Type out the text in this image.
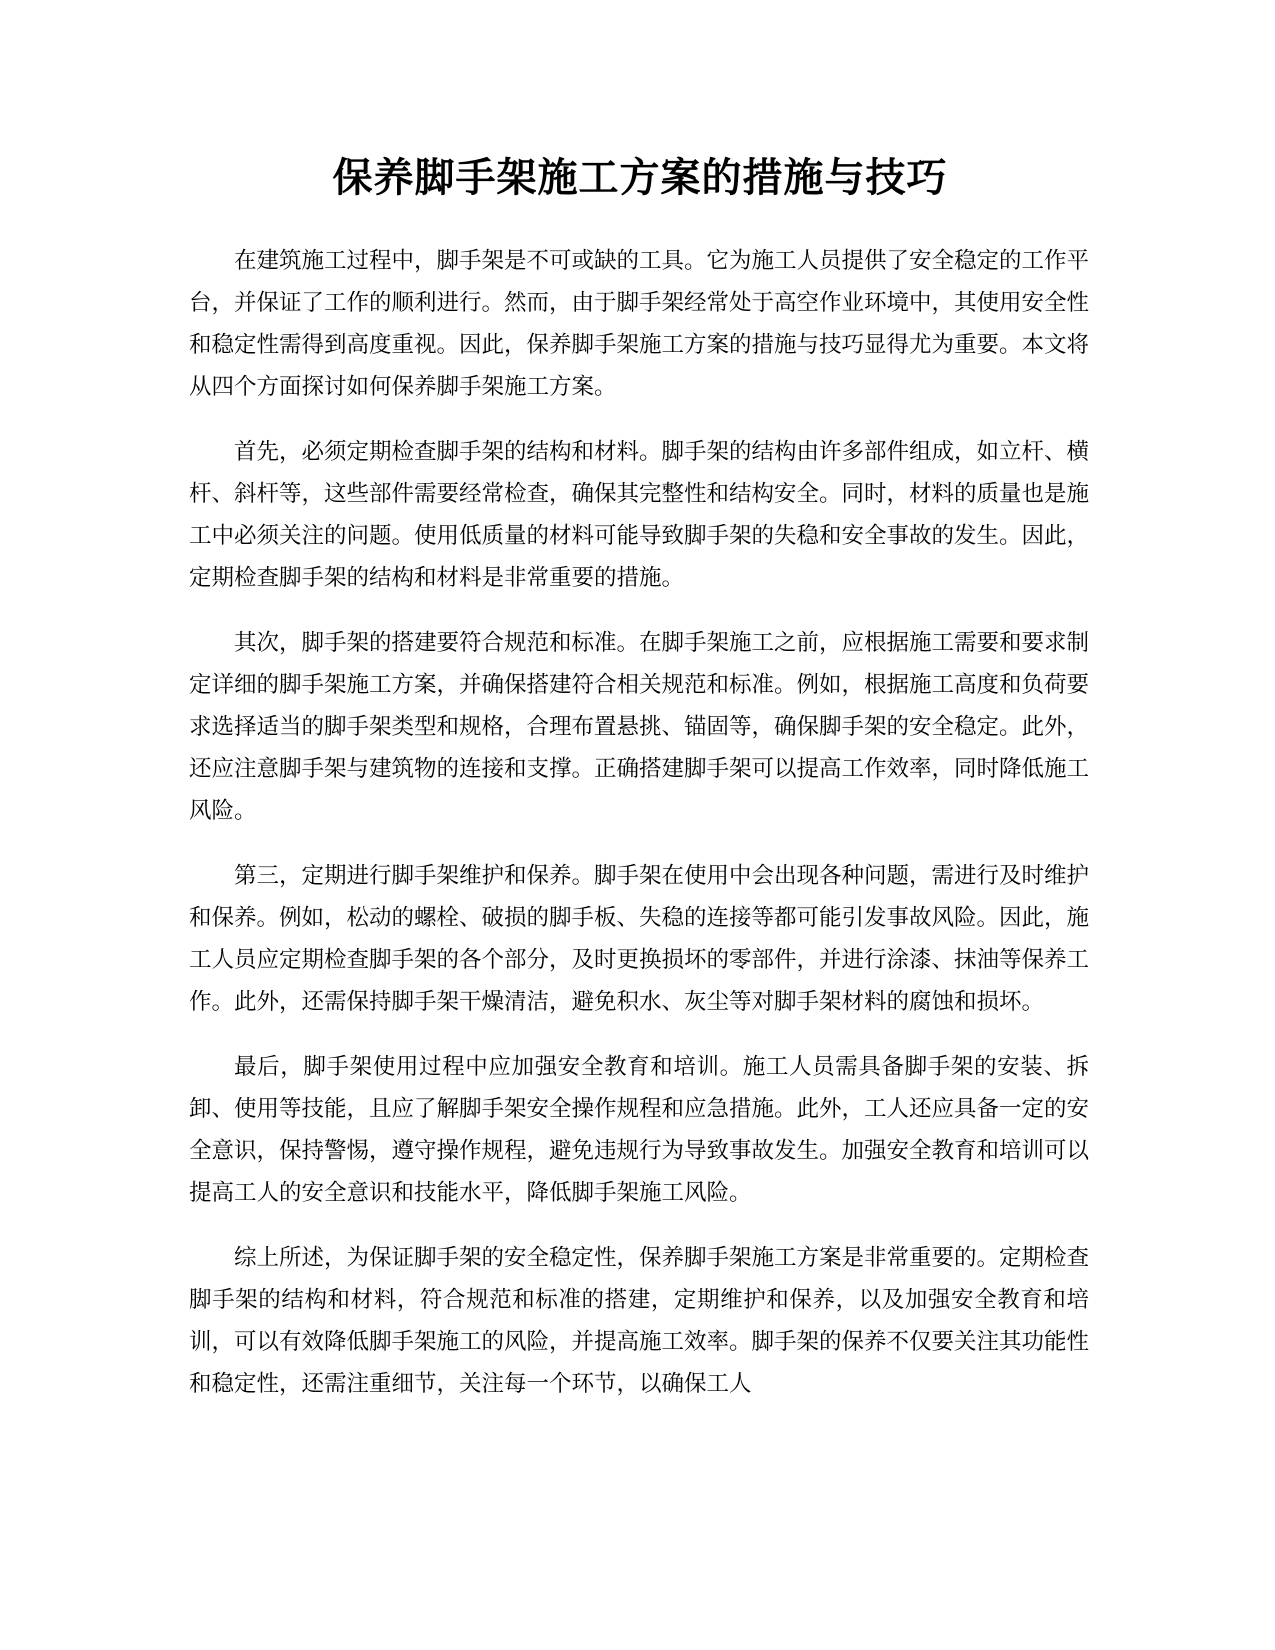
保养脚手架施工方案的措施与技巧

在建筑施工过程中，脚手架是不可或缺的工具。它为施工人员提供了安全稳定的工作平台，并保证了工作的顺利进行。然而，由于脚手架经常处于高空作业环境中，其使用安全性和稳定性需得到高度重视。因此，保养脚手架施工方案的措施与技巧显得尤为重要。本文将从四个方面探讨如何保养脚手架施工方案。

首先，必须定期检查脚手架的结构和材料。脚手架的结构由许多部件组成，如立杆、横杆、斜杆等，这些部件需要经常检查，确保其完整性和结构安全。同时，材料的质量也是施工中必须关注的问题。使用低质量的材料可能导致脚手架的失稳和安全事故的发生。因此，定期检查脚手架的结构和材料是非常重要的措施。

其次，脚手架的搭建要符合规范和标准。在脚手架施工之前，应根据施工需要和要求制定详细的脚手架施工方案，并确保搭建符合相关规范和标准。例如，根据施工高度和负荷要求选择适当的脚手架类型和规格，合理布置悬挑、锚固等，确保脚手架的安全稳定。此外，还应注意脚手架与建筑物的连接和支撑。正确搭建脚手架可以提高工作效率，同时降低施工风险。

第三，定期进行脚手架维护和保养。脚手架在使用中会出现各种问题，需进行及时维护和保养。例如，松动的螺栓、破损的脚手板、失稳的连接等都可能引发事故风险。因此，施工人员应定期检查脚手架的各个部分，及时更换损坏的零部件，并进行涂漆、抹油等保养工作。此外，还需保持脚手架干燥清洁，避免积水、灰尘等对脚手架材料的腐蚀和损坏。

最后，脚手架使用过程中应加强安全教育和培训。施工人员需具备脚手架的安装、拆卸、使用等技能，且应了解脚手架安全操作规程和应急措施。此外，工人还应具备一定的安全意识，保持警惕，遵守操作规程，避免违规行为导致事故发生。加强安全教育和培训可以提高工人的安全意识和技能水平，降低脚手架施工风险。

综上所述，为保证脚手架的安全稳定性，保养脚手架施工方案是非常重要的。定期检查脚手架的结构和材料，符合规范和标准的搭建，定期维护和保养，以及加强安全教育和培训，可以有效降低脚手架施工的风险，并提高施工效率。脚手架的保养不仅要关注其功能性和稳定性，还需注重细节，关注每一个环节，以确保工人
